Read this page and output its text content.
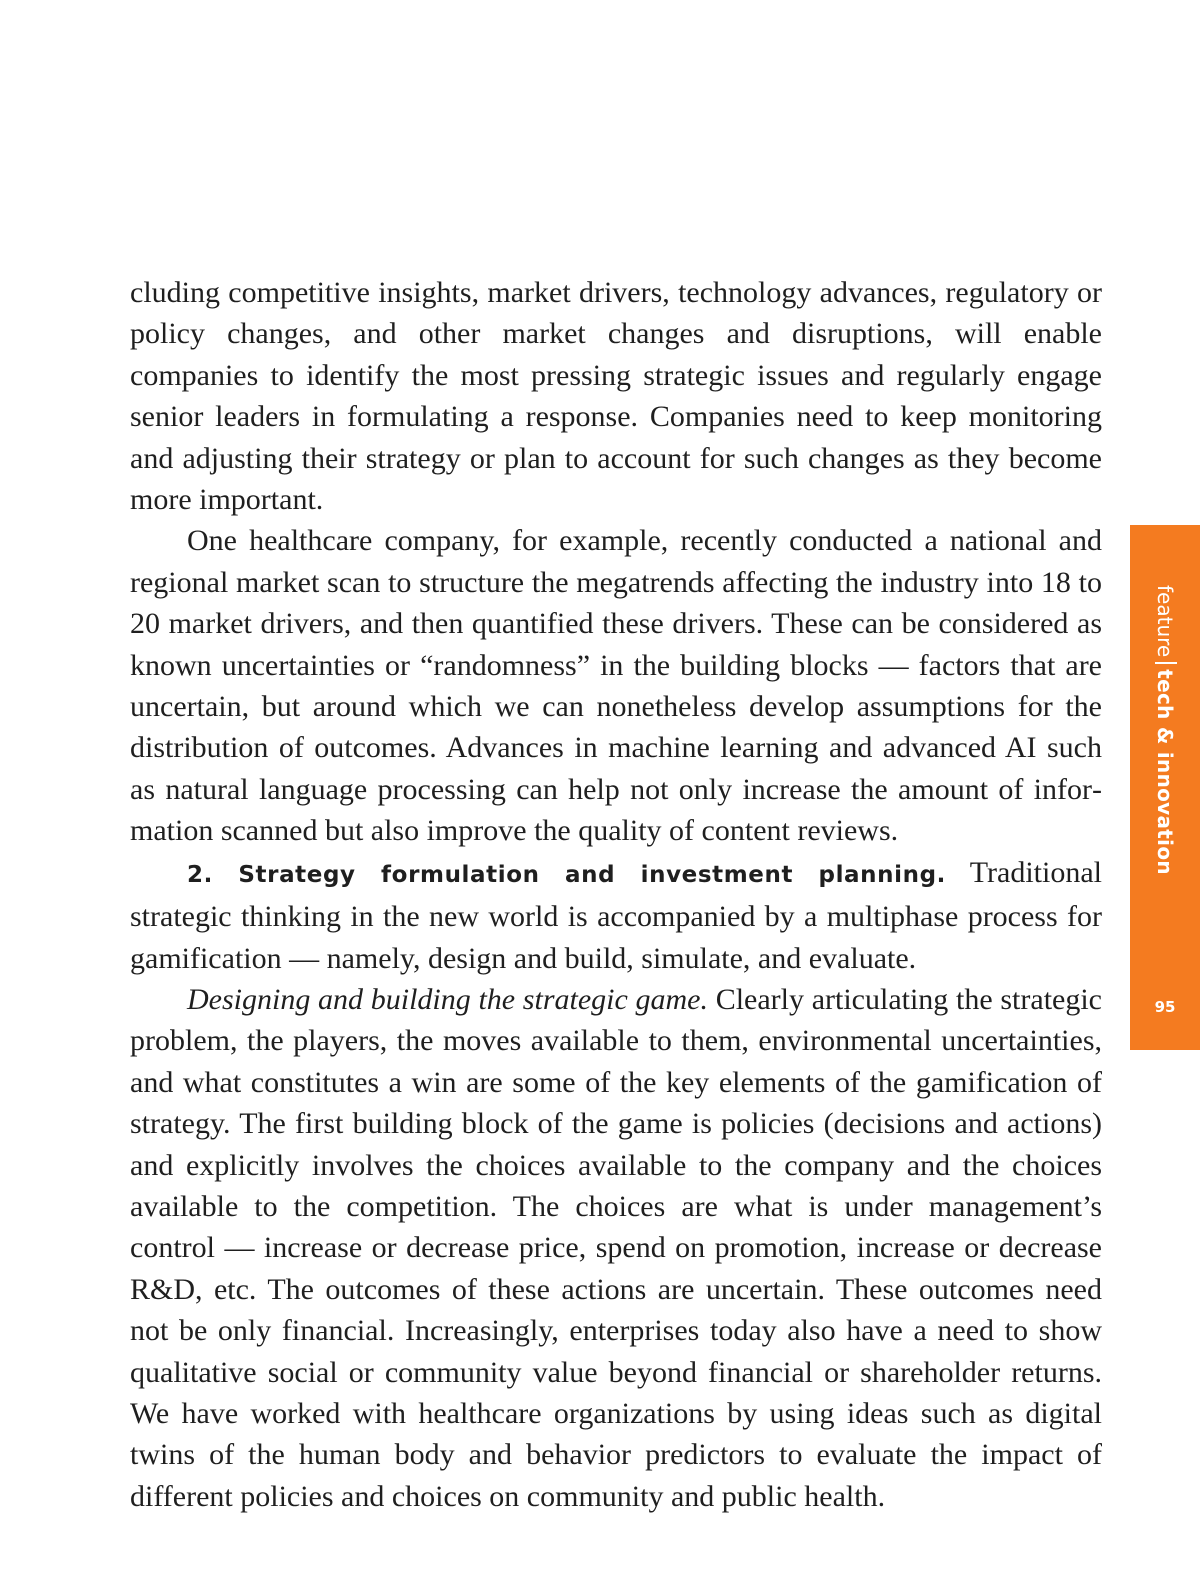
cluding competitive insights, market drivers, technology advances, regulatory or policy changes, and other market changes and disruptions, will enable companies to identify the most pressing strategic issues and regularly engage senior leaders in formulating a response. Companies need to keep monitoring and adjusting their strategy or plan to account for such changes as they become more important.

One healthcare company, for example, recently conducted a national and regional market scan to structure the megatrends affecting the industry into 18 to 20 market drivers, and then quantified these drivers. These can be considered as known uncertainties or “randomness” in the building blocks — factors that are uncertain, but around which we can nonetheless develop assumptions for the distribution of outcomes. Advances in machine learning and advanced AI such as natural language processing can help not only increase the amount of information scanned but also improve the quality of content reviews.

2. Strategy formulation and investment planning. Traditional strategic thinking in the new world is accompanied by a multiphase process for gamification — namely, design and build, simulate, and evaluate.

Designing and building the strategic game. Clearly articulating the strategic problem, the players, the moves available to them, environmental uncertainties, and what constitutes a win are some of the key elements of the gamification of strategy. The first building block of the game is policies (decisions and actions) and explicitly involves the choices available to the company and the choices available to the competition. The choices are what is under management’s control — increase or decrease price, spend on promotion, increase or decrease R&D, etc. The outcomes of these actions are uncertain. These outcomes need not be only financial. Increasingly, enterprises today also have a need to show qualitative social or community value beyond financial or shareholder returns. We have worked with healthcare organizations by using ideas such as digital twins of the human body and behavior predictors to evaluate the impact of different policies and choices on community and public health.

featuretech & innovation
95
